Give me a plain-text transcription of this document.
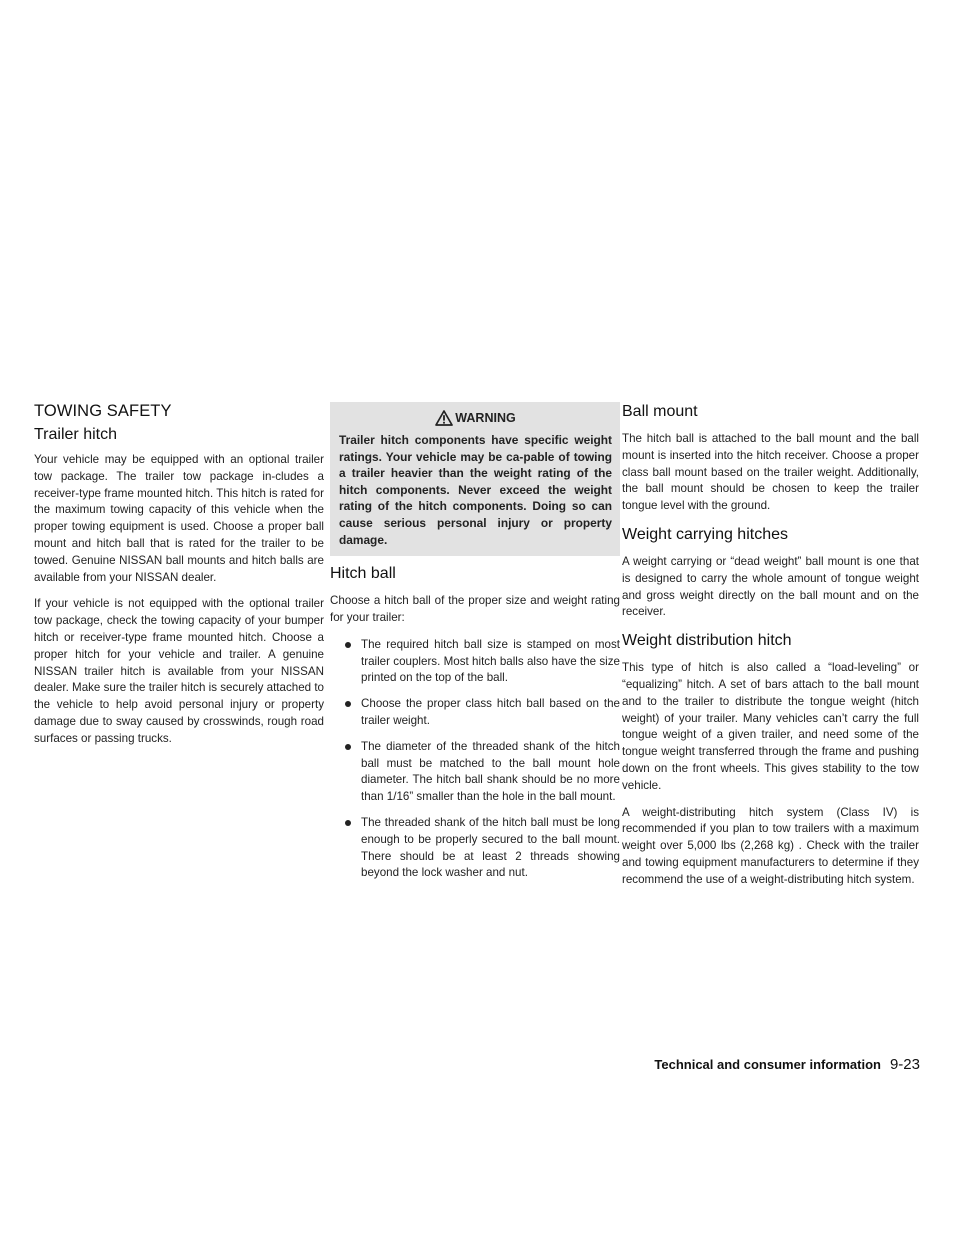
TOWING SAFETY
Trailer hitch

Your vehicle may be equipped with an optional trailer tow package. The trailer tow package in-cludes a receiver-type frame mounted hitch. This hitch is rated for the maximum towing capacity of this vehicle when the proper towing equipment is used. Choose a proper ball mount and hitch ball that is rated for the trailer to be towed. Genuine NISSAN ball mounts and hitch balls are available from your NISSAN dealer.

If your vehicle is not equipped with the optional trailer tow package, check the towing capacity of your bumper hitch or receiver-type frame mounted hitch. Choose a proper hitch for your vehicle and trailer. A genuine NISSAN trailer hitch is available from your NISSAN dealer. Make sure the trailer hitch is securely attached to the vehicle to help avoid personal injury or property damage due to sway caused by crosswinds, rough road surfaces or passing trucks.

WARNING

Trailer hitch components have specific weight ratings. Your vehicle may be ca-pable of towing a trailer heavier than the weight rating of the hitch components. Never exceed the weight rating of the hitch components. Doing so can cause serious personal injury or property damage.

Hitch ball

Choose a hitch ball of the proper size and weight rating for your trailer:

The required hitch ball size is stamped on most trailer couplers. Most hitch balls also have the size printed on the top of the ball.
Choose the proper class hitch ball based on the trailer weight.
The diameter of the threaded shank of the hitch ball must be matched to the ball mount hole diameter. The hitch ball shank should be no more than 1/16” smaller than the hole in the ball mount.
The threaded shank of the hitch ball must be long enough to be properly secured to the ball mount. There should be at least 2 threads showing beyond the lock washer and nut.
Ball mount

The hitch ball is attached to the ball mount and the ball mount is inserted into the hitch receiver. Choose a proper class ball mount based on the trailer weight. Additionally, the ball mount should be chosen to keep the trailer tongue level with the ground.

Weight carrying hitches

A weight carrying or “dead weight” ball mount is one that is designed to carry the whole amount of tongue weight and gross weight directly on the ball mount and on the receiver.

Weight distribution hitch

This type of hitch is also called a “load-leveling” or “equalizing” hitch. A set of bars attach to the ball mount and to the trailer to distribute the tongue weight (hitch weight) of your trailer. Many vehicles can’t carry the full tongue weight of a given trailer, and need some of the tongue weight transferred through the frame and pushing down on the front wheels. This gives stability to the tow vehicle.

A weight-distributing hitch system (Class IV) is recommended if you plan to tow trailers with a maximum weight over 5,000 lbs (2,268 kg) . Check with the trailer and towing equipment manufacturers to determine if they recommend the use of a weight-distributing hitch system.

Technical and consumer information 9-23
